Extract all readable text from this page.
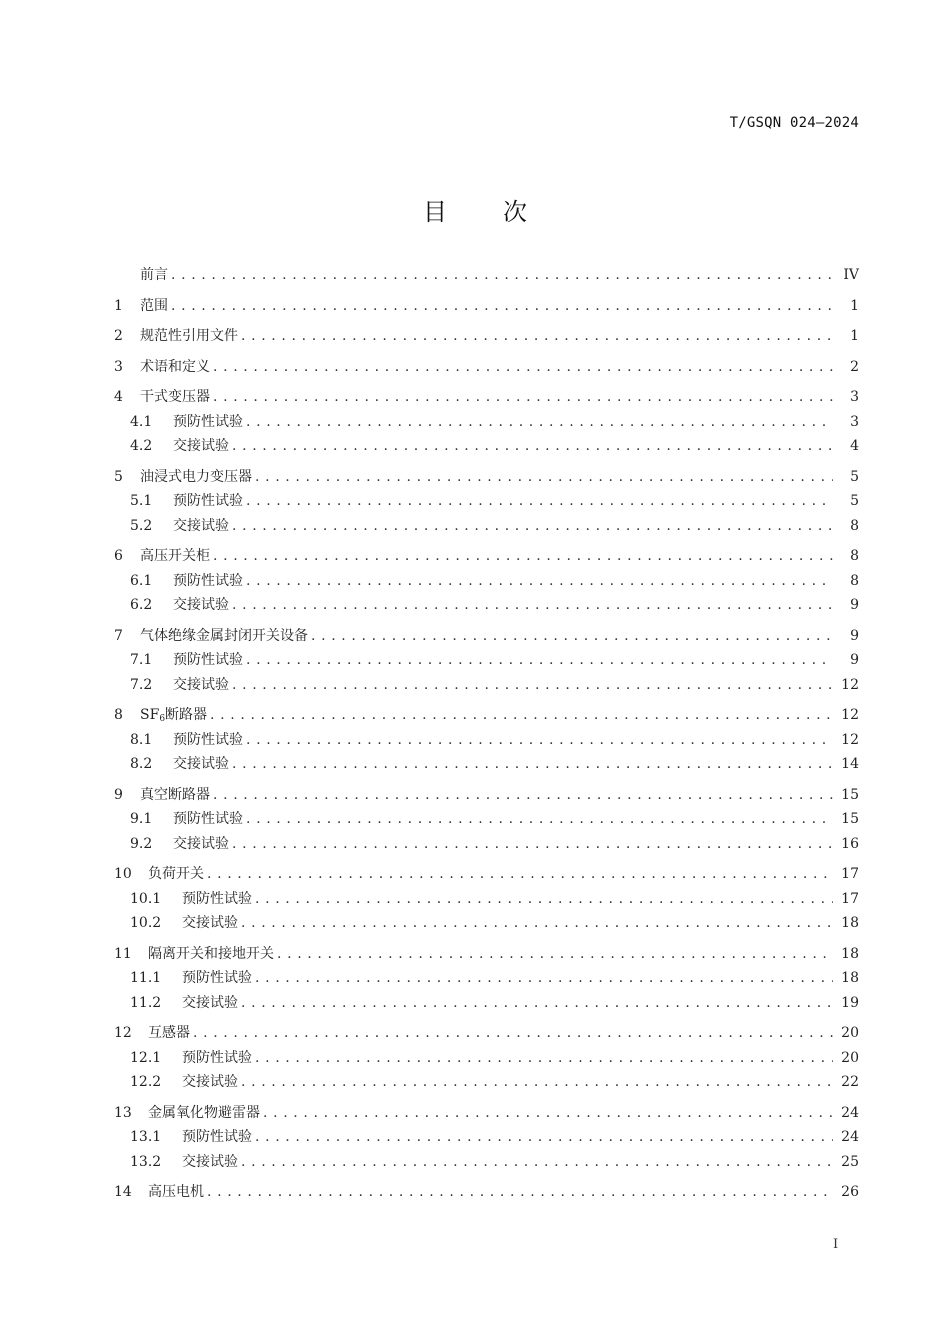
T/GSQN 024—2024
目 次
前言 . . .	IV
1	范围 . . .	1
2	规范性引用文件 . . .	1
3	术语和定义 . . .	2
4	干式变压器 . . .	3
4.1	预防性试验 . . .	3
4.2	交接试验 . . .	4
5	油浸式电力变压器 . . .	5
5.1	预防性试验 . . .	5
5.2	交接试验 . . .	8
6	高压开关柜 . . .	8
6.1	预防性试验 . . .	8
6.2	交接试验 . . .	9
7	气体绝缘金属封闭开关设备 . . .	9
7.1	预防性试验 . . .	9
7.2	交接试验 . . .	12
8	$SF_6$断路器 . . .	12
8.1	预防性试验 . . .	12
8.2	交接试验 . . .	14
9	真空断路器 . . .	15
9.1	预防性试验 . . .	15
9.2	交接试验 . . .	16
10	负荷开关 . . .	17
10.1	预防性试验 . . .	17
10.2	交接试验 . . .	18
11	隔离开关和接地开关 . . .	18
11.1	预防性试验 . . .	18
11.2	交接试验 . . .	19
12	互感器 . . .	20
12.1	预防性试验 . . .	20
12.2	交接试验 . . .	22
13	金属氧化物避雷器 . . .	24
13.1	预防性试验 . . .	24
13.2	交接试验 . . .	25
14	高压电机 . . .	26
I
